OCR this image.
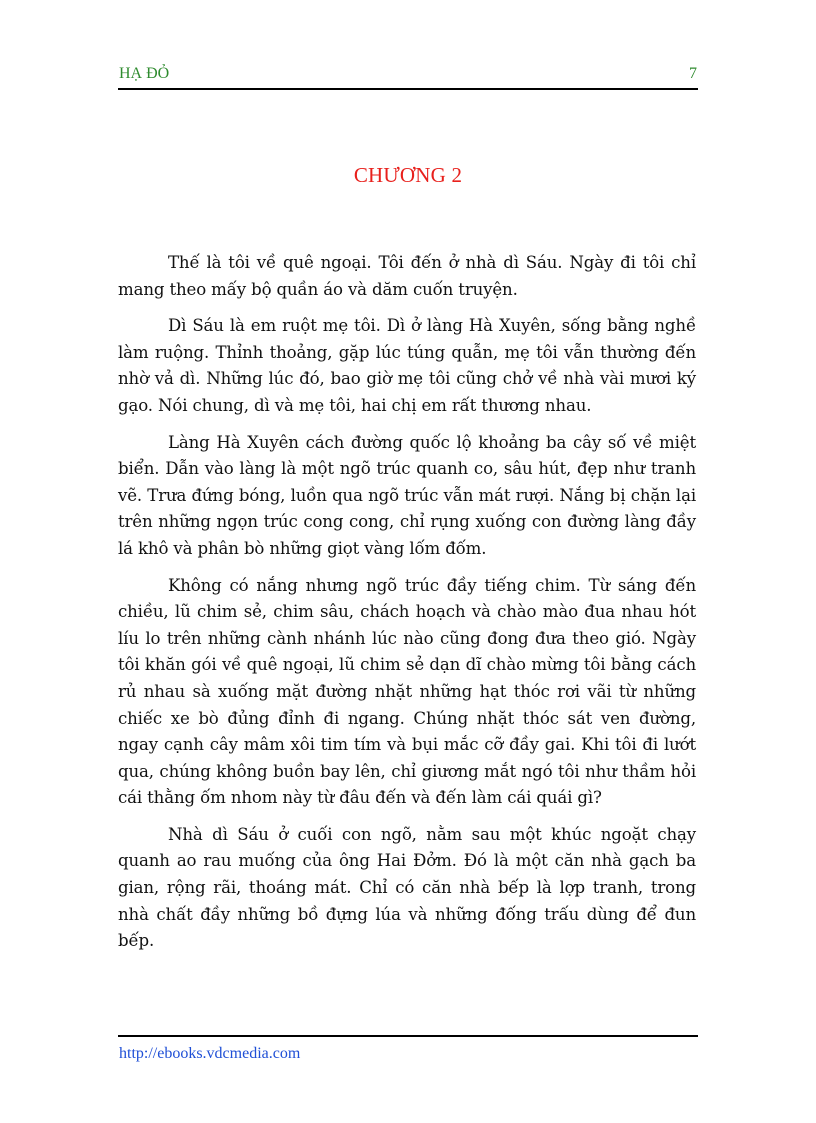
HẠ ĐỎ	7
CHƯƠNG 2

Thế là tôi về quê ngoại. Tôi đến ở nhà dì Sáu. Ngày đi tôi chỉ mang theo mấy bộ quần áo và dăm cuốn truyện.

Dì Sáu là em ruột mẹ tôi. Dì ở làng Hà Xuyên, sống bằng nghề làm ruộng. Thỉnh thoảng, gặp lúc túng quẫn, mẹ tôi vẫn thường đến nhờ vả dì. Những lúc đó, bao giờ mẹ tôi cũng chở về nhà vài mươi ký gạo. Nói chung, dì và mẹ tôi, hai chị em rất thương nhau.

Làng Hà Xuyên cách đường quốc lộ khoảng ba cây số về miệt biển. Dẫn vào làng là một ngõ trúc quanh co, sâu hút, đẹp như tranh vẽ. Trưa đứng bóng, luồn qua ngõ trúc vẫn mát rượi. Nắng bị chặn lại trên những ngọn trúc cong cong, chỉ rụng xuống con đường làng đầy lá khô và phân bò những giọt vàng lốm đốm.

Không có nắng nhưng ngõ trúc đầy tiếng chim. Từ sáng đến chiều, lũ chim sẻ, chim sâu, chách hoạch và chào mào đua nhau hót líu lo trên những cành nhánh lúc nào cũng đong đưa theo gió. Ngày tôi khăn gói về quê ngoại, lũ chim sẻ dạn dĩ chào mừng tôi bằng cách rủ nhau sà xuống mặt đường nhặt những hạt thóc rơi vãi từ những chiếc xe bò đủng đỉnh đi ngang. Chúng nhặt thóc sát ven đường, ngay cạnh cây mâm xôi tim tím và bụi mắc cỡ đầy gai. Khi tôi đi lướt qua, chúng không buồn bay lên, chỉ giương mắt ngó tôi như thầm hỏi cái thằng ốm nhom này từ đâu đến và đến làm cái quái gì?

Nhà dì Sáu ở cuối con ngõ, nằm sau một khúc ngoặt chạy quanh ao rau muống của ông Hai Đởm. Đó là một căn nhà gạch ba gian, rộng rãi, thoáng mát. Chỉ có căn nhà bếp là lợp tranh, trong nhà chất đầy những bồ đựng lúa và những đống trấu dùng để đun bếp.

http://ebooks.vdcmedia.com
